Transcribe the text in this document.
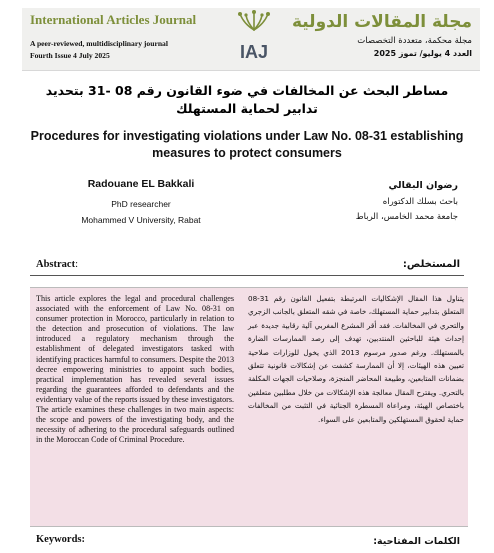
International Articles Journal
A peer-reviewed, multidisciplinary journal
Fourth Issue 4 July 2025	IAJ
مجلة المقالات الدولية
مجلة محكمة، متعددة التخصصات
العدد 4 يوليو/ تموز 2025
مساطر البحث عن المخالفات في ضوء القانون رقم 08 -31 بتحديد تدابير لحماية المستهلك
Procedures for investigating violations under Law No. 08-31 establishing measures to protect consumers
Radouane EL Bakkali
PhD researcher
Mohammed V University, Rabat
رضوان البقالي
باحث بسلك الدكتوراه
جامعة محمد الخامس، الرباط
Abstract:	المستخلص:
This article explores the legal and procedural challenges associated with the enforcement of Law No. 08-31 on consumer protection in Morocco, particularly in relation to the detection and prosecution of violations. The law introduced a regulatory mechanism through the establishment of delegated investigators tasked with identifying practices harmful to consumers. Despite the 2013 decree empowering ministries to appoint such bodies, practical implementation has revealed several issues regarding the guarantees afforded to defendants and the evidentiary value of the reports issued by these investigators. The article examines these challenges in two main aspects: the scope and powers of the investigating body, and the necessity of adhering to the procedural safeguards outlined in the Moroccan Code of Criminal Procedure.
يتناول هذا المقال الإشكاليات المرتبطة بتفعيل القانون رقم 31-08 المتعلق بتدابير حماية المستهلك، خاصة في شقه المتعلق بالجانب الزجري والتحري في المخالفات. فقد أقر المشرع المغربي آلية رقابية جديدة عبر إحداث هيئة للباحثين المنتدبين، تهدف إلى رصد الممارسات الضارة بالمستهلك. ورغم صدور مرسوم 2013 الذي يخول للوزارات صلاحية تعيين هذه الهيئات، إلا أن الممارسة كشفت عن إشكالات قانونية تتعلق بضمانات المتابعين، وطبيعة المحاضر المنجزة، وصلاحيات الجهات المكلفة بالتحري. ويقترح المقال معالجة هذه الإشكالات من خلال مطلبين متعلقين باختصاص الهيئة، ومراعاة المسطرة الجنائية في التثبت من المخالفات حماية لحقوق المستهلكين والمتابعين على السواء.
Keywords:	الكلمات المفتاحية:
